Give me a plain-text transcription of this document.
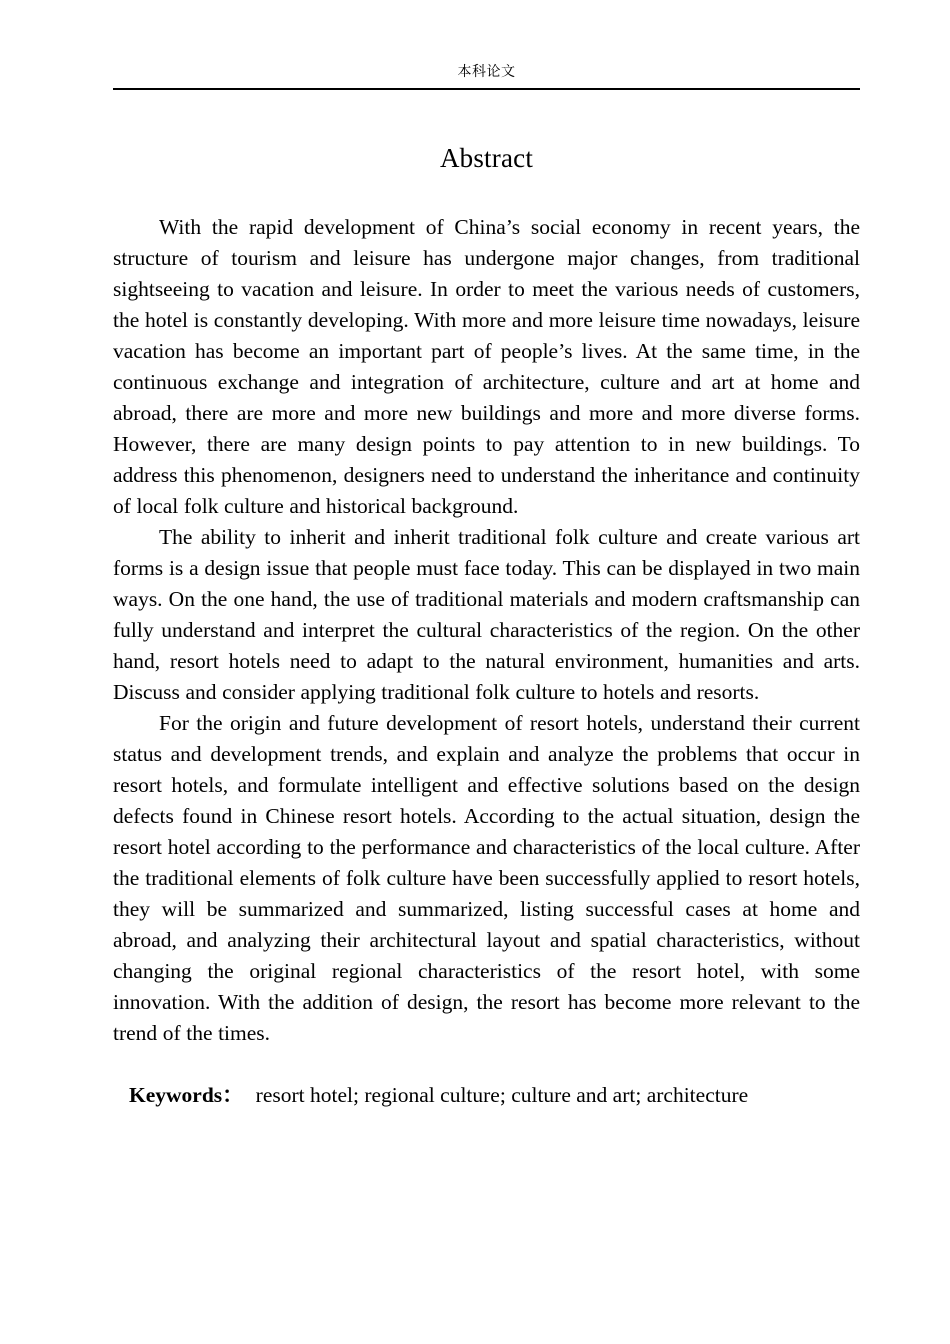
本科论文
Abstract

With the rapid development of China’s social economy in recent years, the structure of tourism and leisure has undergone major changes, from traditional sightseeing to vacation and leisure. In order to meet the various needs of customers, the hotel is constantly developing. With more and more leisure time nowadays, leisure vacation has become an important part of people’s lives. At the same time, in the continuous exchange and integration of architecture, culture and art at home and abroad, there are more and more new buildings and more and more diverse forms. However, there are many design points to pay attention to in new buildings. To address this phenomenon, designers need to understand the inheritance and continuity of local folk culture and historical background.

The ability to inherit and inherit traditional folk culture and create various art forms is a design issue that people must face today. This can be displayed in two main ways. On the one hand, the use of traditional materials and modern craftsmanship can fully understand and interpret the cultural characteristics of the region. On the other hand, resort hotels need to adapt to the natural environment, humanities and arts. Discuss and consider applying traditional folk culture to hotels and resorts.

For the origin and future development of resort hotels, understand their current status and development trends, and explain and analyze the problems that occur in resort hotels, and formulate intelligent and effective solutions based on the design defects found in Chinese resort hotels. According to the actual situation, design the resort hotel according to the performance and characteristics of the local culture. After the traditional elements of folk culture have been successfully applied to resort hotels, they will be summarized and summarized, listing successful cases at home and abroad, and analyzing their architectural layout and spatial characteristics, without changing the original regional characteristics of the resort hotel, with some innovation. With the addition of design, the resort has become more relevant to the trend of the times.

Keywords： resort hotel; regional culture; culture and art; architecture
